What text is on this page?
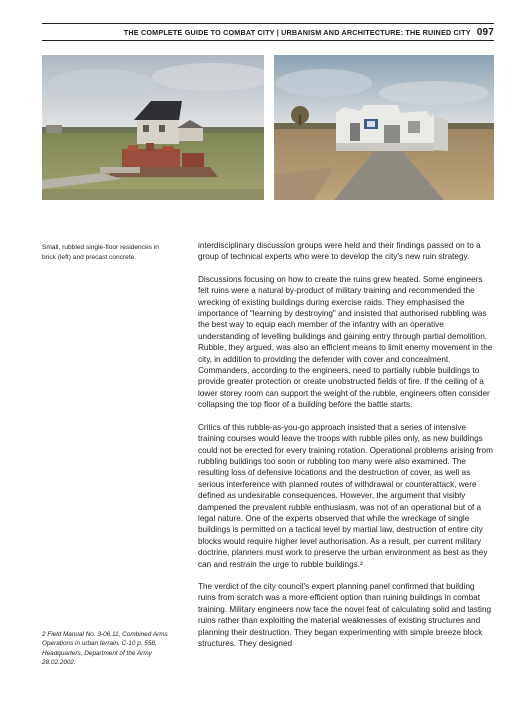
THE COMPLETE GUIDE TO COMBAT CITY | URBANISM AND ARCHITECTURE: THE RUINED CITY 097
Small, rubbled single-floor residences in brick (left) and precast concrete.

interdisciplinary discussion groups were held and their findings passed on to a group of technical experts who were to develop the city's new ruin strategy.

Discussions focusing on how to create the ruins grew heated. Some engineers felt ruins were a natural by-product of military training and recommended the wrecking of existing buildings during exercise raids. They emphasised the importance of "learning by destroying" and insisted that authorised rubbling was the best way to equip each member of the infantry with an operative understanding of levelling buildings and gaining entry through partial demolition. Rubble, they argued, was also an efficient means to limit enemy movement in the city, in addition to providing the defender with cover and concealment. Commanders, according to the engineers, need to partially rubble buildings to provide greater protection or create unobstructed fields of fire. If the ceiling of a lower storey room can support the weight of the rubble, engineers often consider collapsing the top floor of a building before the battle starts.

Critics of this rubble-as-you-go approach insisted that a series of intensive training courses would leave the troops with rubble piles only, as new buildings could not be erected for every training rotation. Operational problems arising from rubbling buildings too soon or rubbling too many were also examined. The resulting loss of defensive locations and the destruction of cover, as well as serious interference with planned routes of withdrawal or counterattack, were defined as undesirable consequences. However, the argument that visibly dampened the prevalent rubble enthusiasm, was not of an operational but of a legal nature. One of the experts observed that while the wreckage of single buildings is permitted on a tactical level by martial law, destruction of entire city blocks would require higher level authorisation. As a result, per current military doctrine, planners must work to preserve the urban environment as best as they can and restrain the urge to rubble buildings.²

The verdict of the city council's expert planning panel confirmed that building ruins from scratch was a more efficient option than ruining buildings in combat training. Military engineers now face the novel feat of calculating solid and lasting ruins rather than exploiting the material weaknesses of existing structures and planning their destruction. They began experimenting with simple breeze block structures. They designed

2 Field Manual No. 3-06.11, Combined Arms Operations in urban terrain, C-10 p. 558, Headquarters, Department of the Army 28.02.2002.
